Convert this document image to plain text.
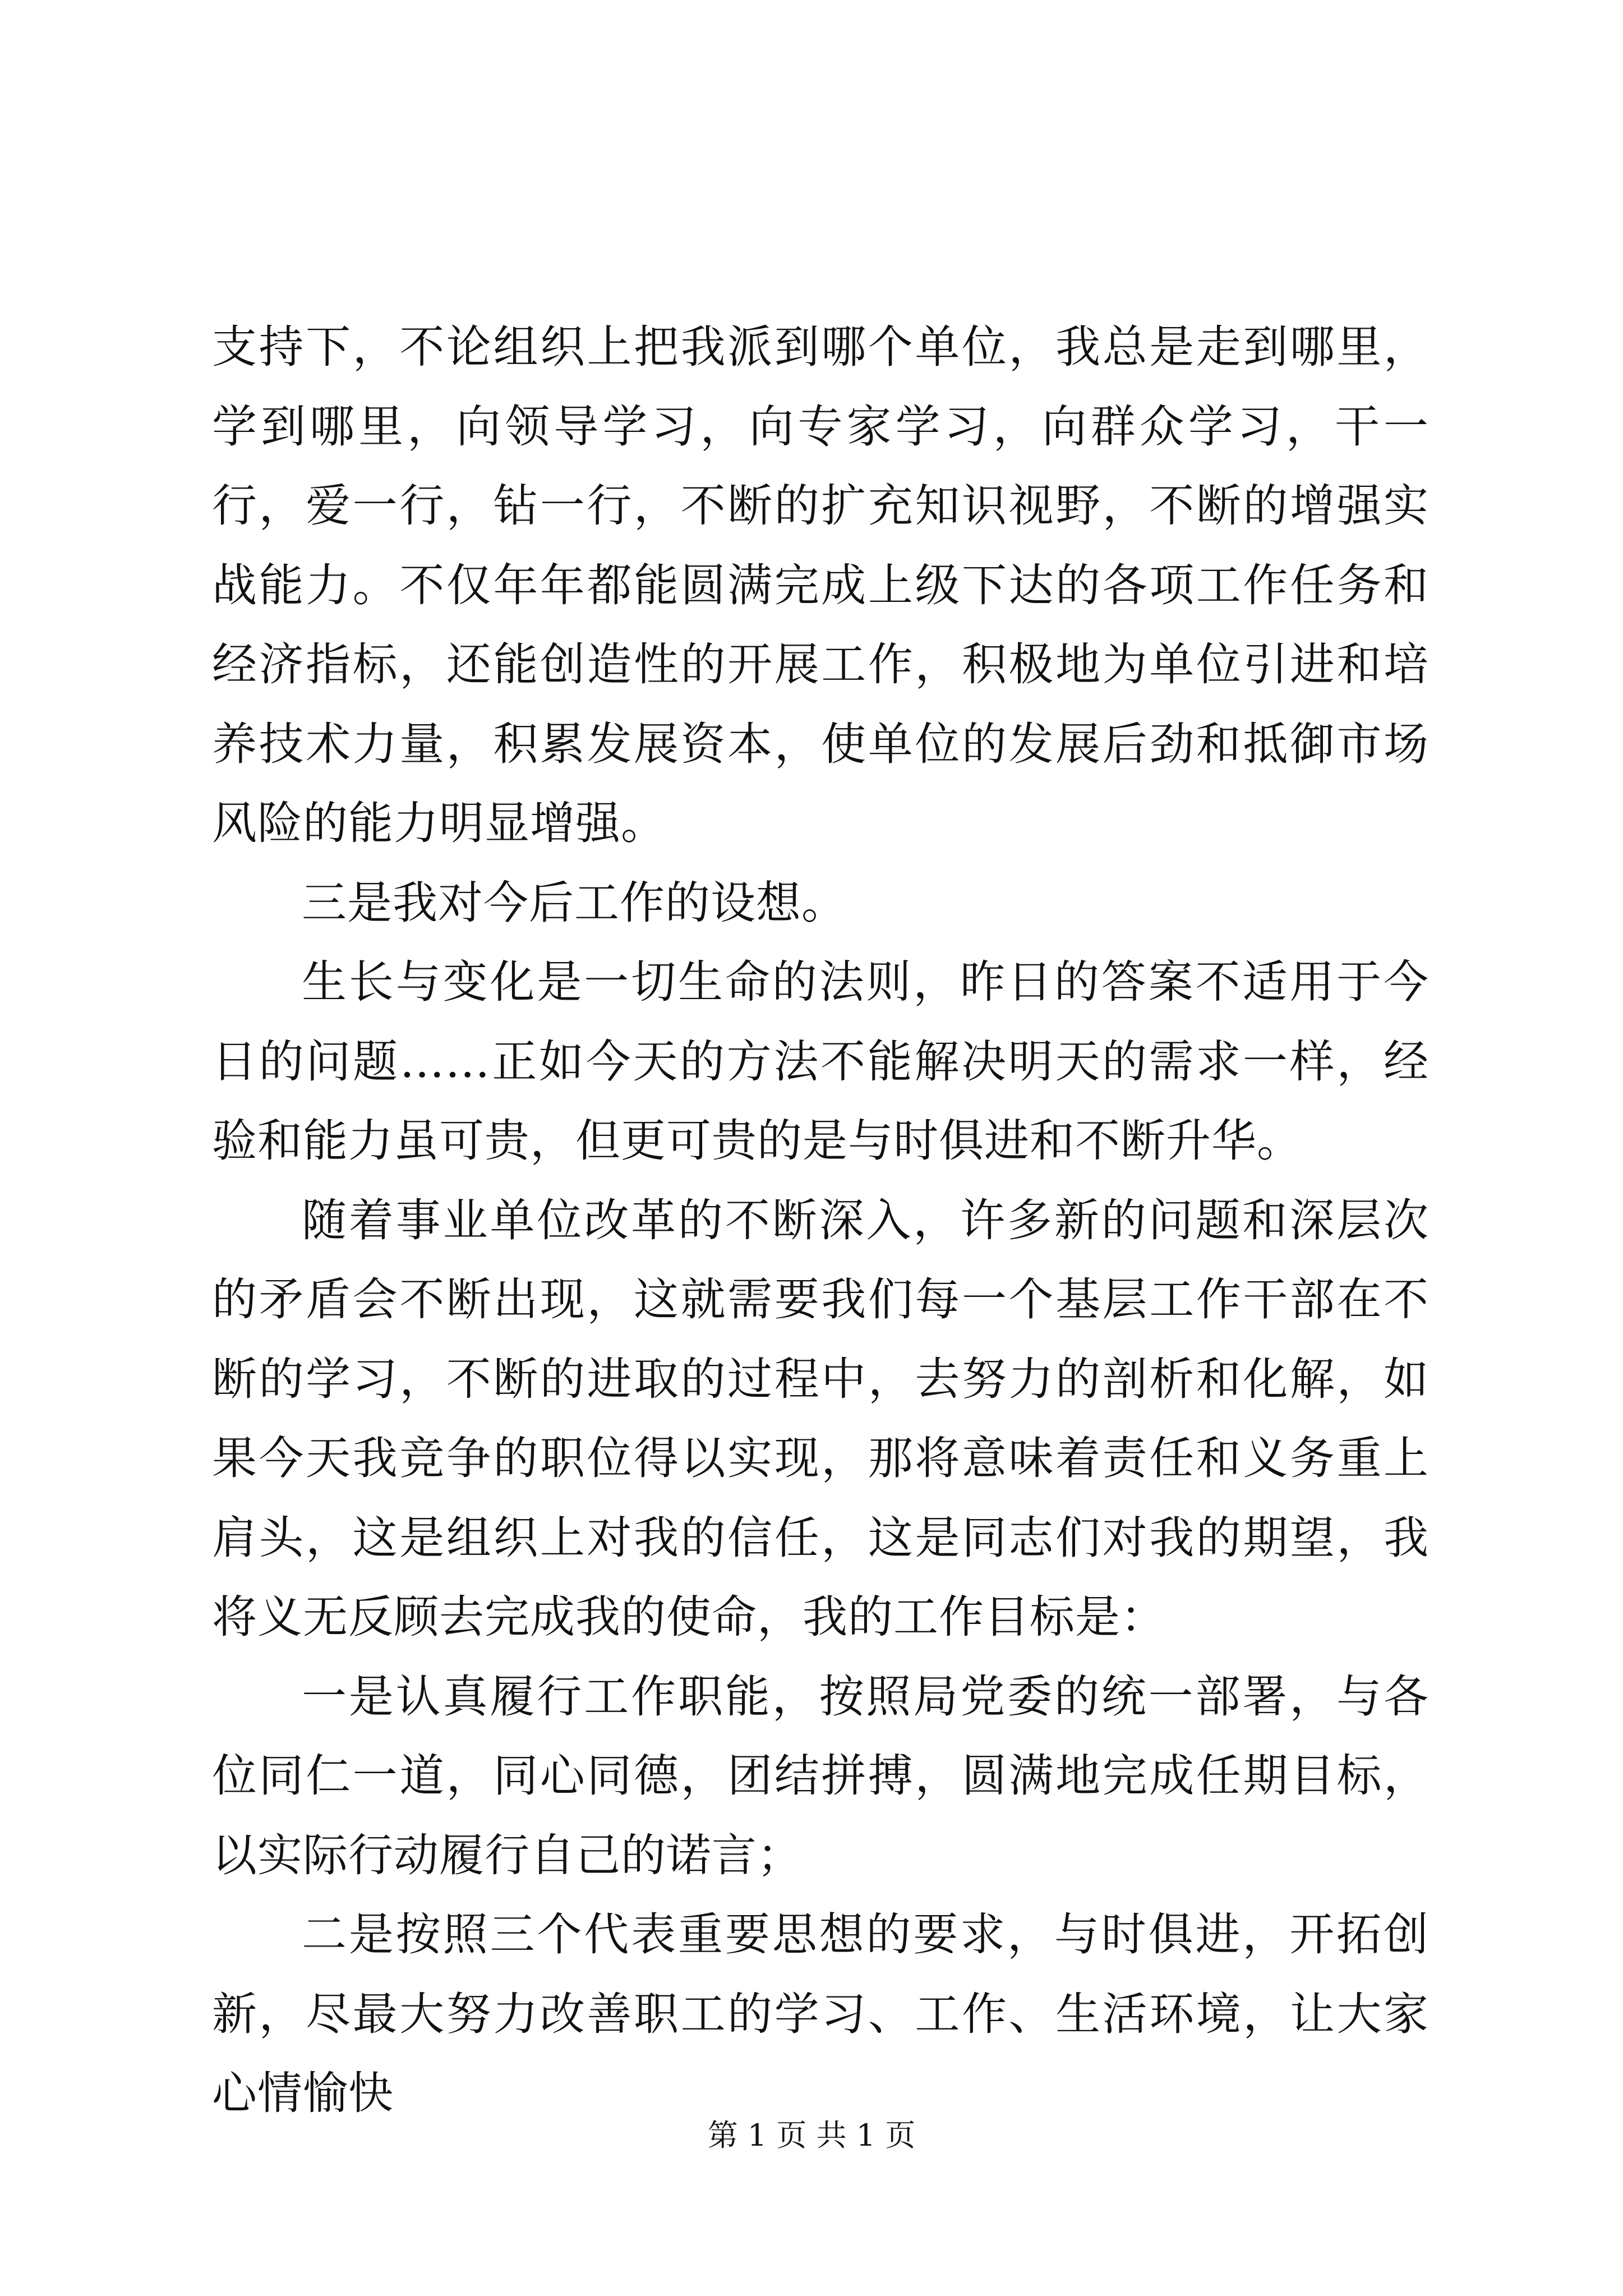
支持下，不论组织上把我派到哪个单位，我总是走到哪里，学到哪里，向领导学习，向专家学习，向群众学习，干一行，爱一行，钻一行，不断的扩充知识视野，不断的增强实战能力。不仅年年都能圆满完成上级下达的各项工作任务和经济指标，还能创造性的开展工作，积极地为单位引进和培养技术力量，积累发展资本，使单位的发展后劲和抵御市场风险的能力明显增强。

三是我对今后工作的设想。

生长与变化是一切生命的法则，昨日的答案不适用于今日的问题……正如今天的方法不能解决明天的需求一样，经验和能力虽可贵，但更可贵的是与时俱进和不断升华。

随着事业单位改革的不断深入，许多新的问题和深层次的矛盾会不断出现，这就需要我们每一个基层工作干部在不断的学习，不断的进取的过程中，去努力的剖析和化解，如果今天我竞争的职位得以实现，那将意味着责任和义务重上肩头，这是组织上对我的信任，这是同志们对我的期望，我将义无反顾去完成我的使命，我的工作目标是：

一是认真履行工作职能，按照局党委的统一部署，与各位同仁一道，同心同德，团结拼搏，圆满地完成任期目标，以实际行动履行自己的诺言；

二是按照三个代表重要思想的要求，与时俱进，开拓创新，尽最大努力改善职工的学习、工作、生活环境，让大家心情愉快

第 1 页 共 1 页
